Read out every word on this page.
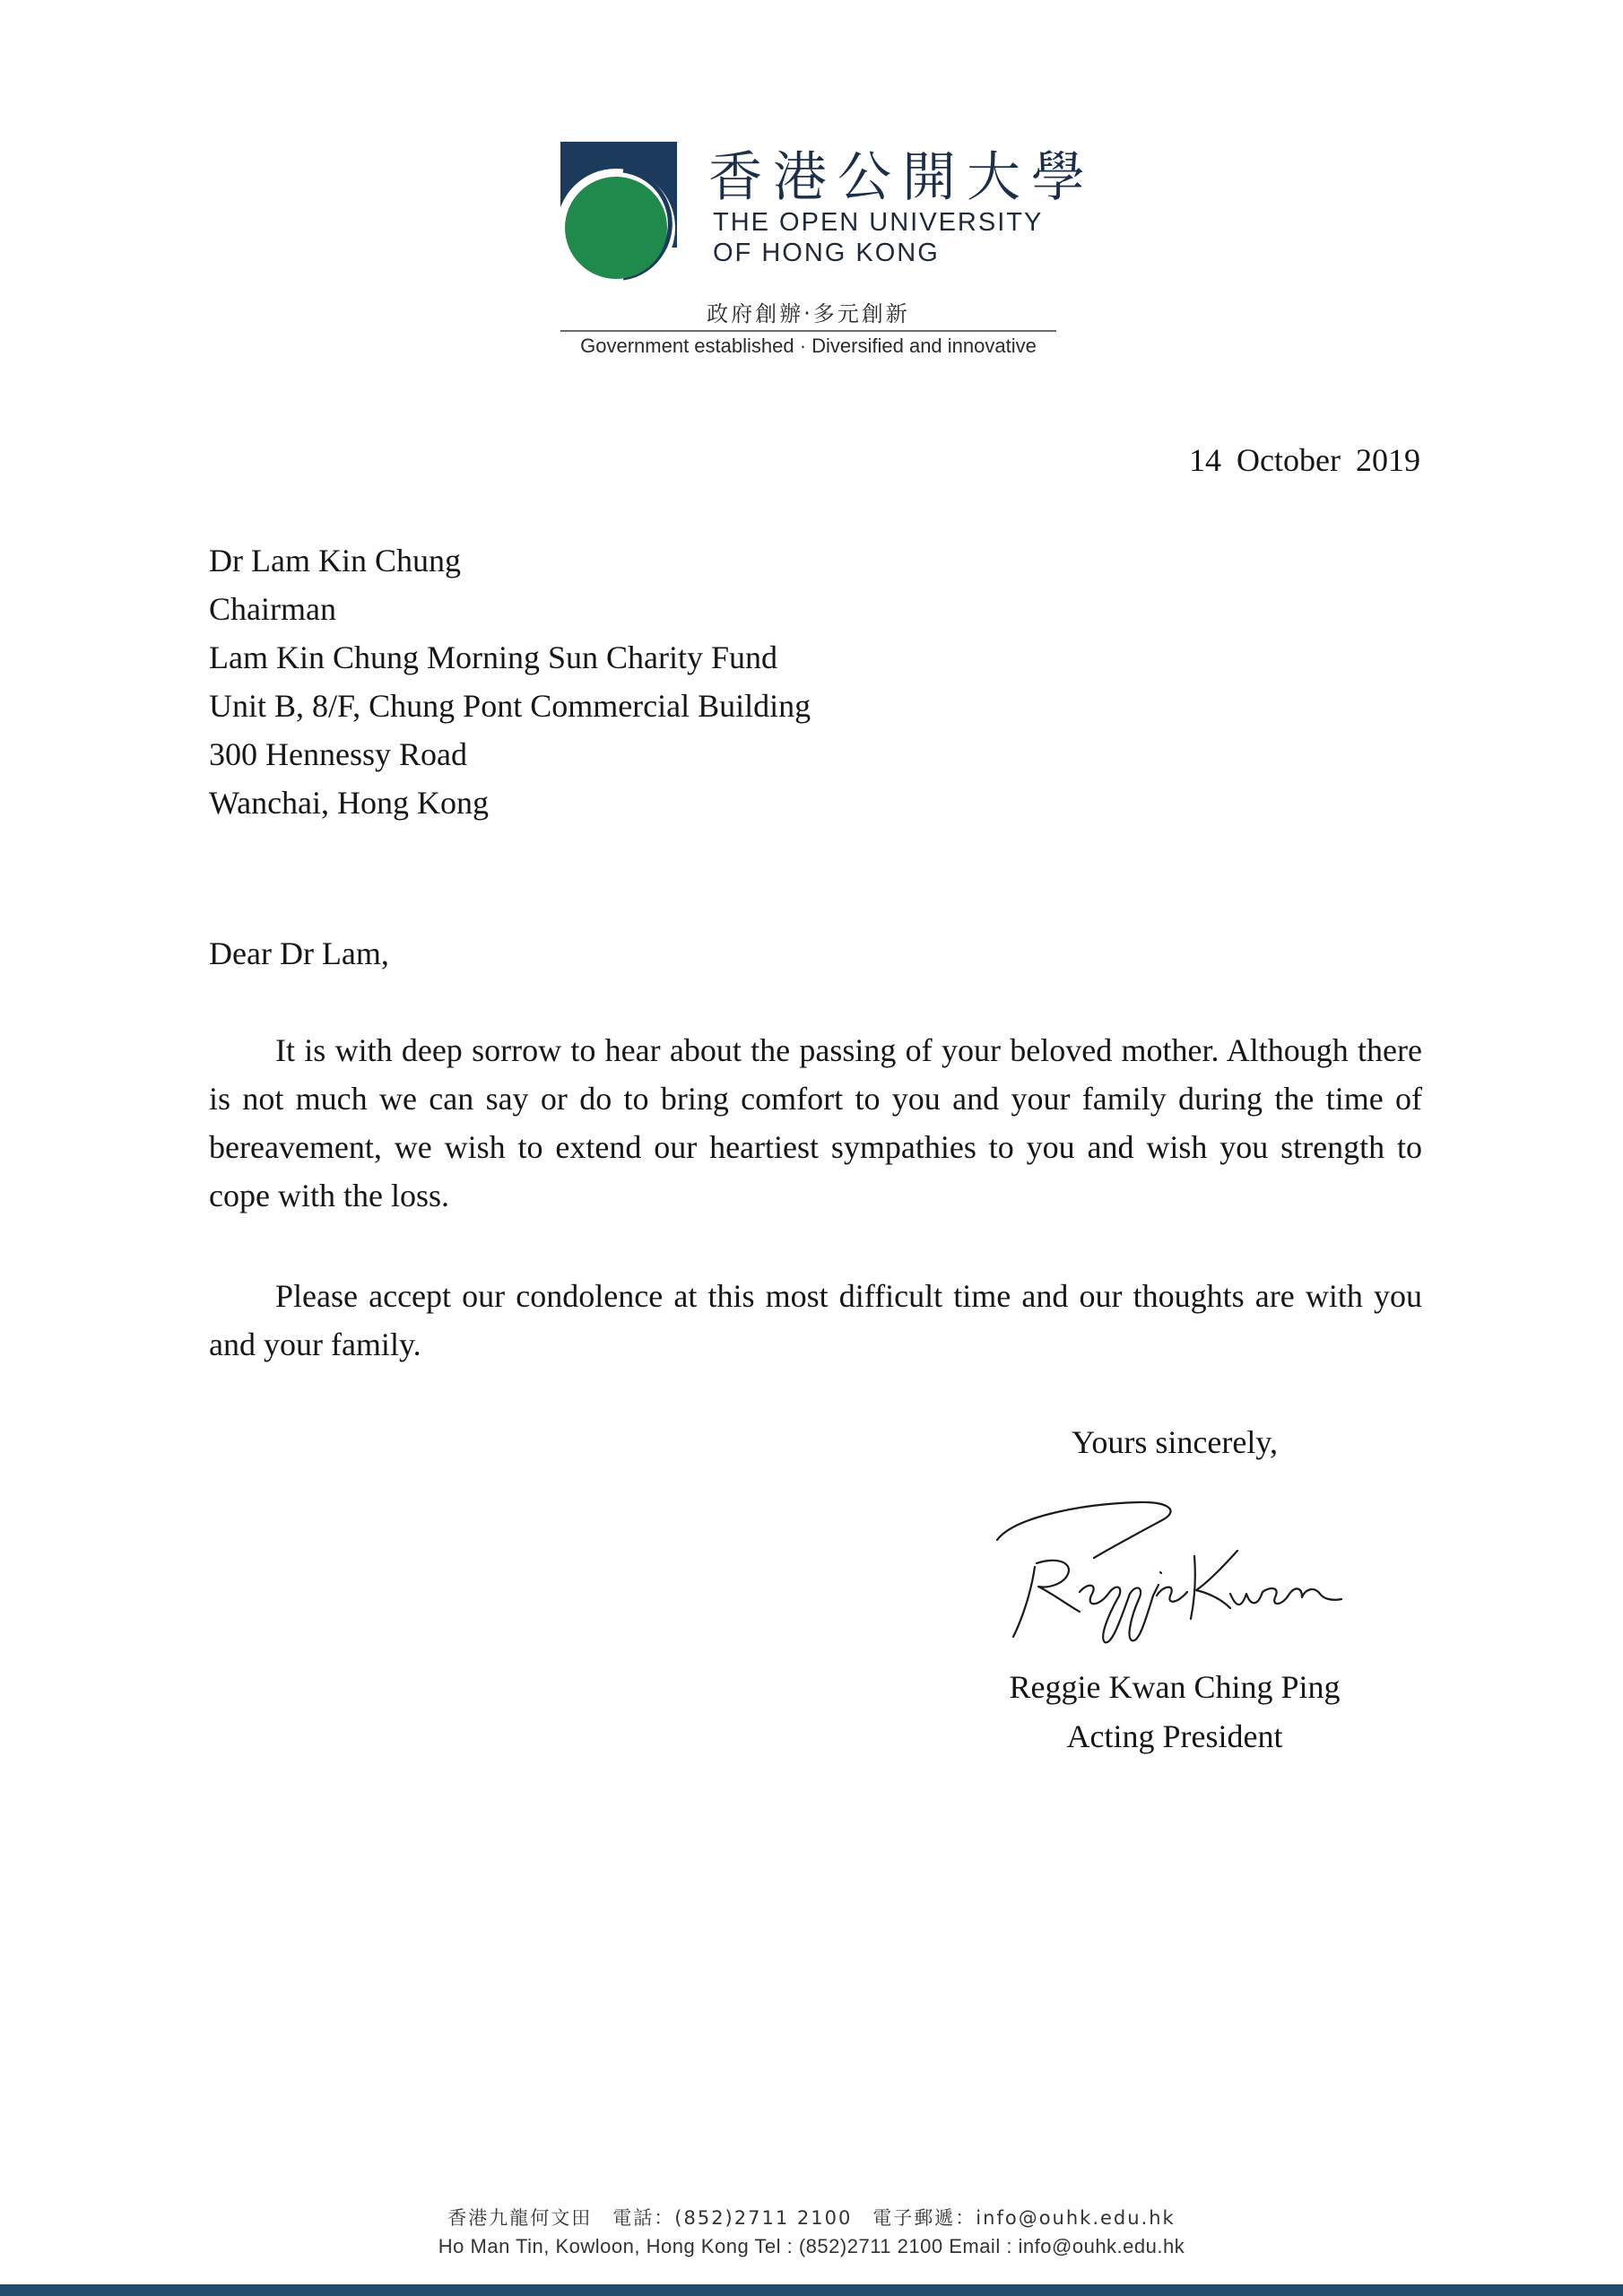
香港公開大學
THE OPEN UNIVERSITY
OF HONG KONG
政府創辦‧多元創新
Government established · Diversified and innovative
14 October 2019
Dr Lam Kin Chung
Chairman
Lam Kin Chung Morning Sun Charity Fund
Unit B, 8/F, Chung Pont Commercial Building
300 Hennessy Road
Wanchai, Hong Kong
Dear Dr Lam,

It is with deep sorrow to hear about the passing of your beloved mother. Although there is not much we can say or do to bring comfort to you and your family during the time of bereavement, we wish to extend our heartiest sympathies to you and wish you strength to cope with the loss.

Please accept our condolence at this most difficult time and our thoughts are with you and your family.

Yours sincerely,
Reggie Kwan Ching Ping
Acting President
香港九龍何文田　電話：(852)2711 2100　電子郵遞：info@ouhk.edu.hk
Ho Man Tin, Kowloon, Hong Kong Tel : (852)2711 2100 Email : info@ouhk.edu.hk
